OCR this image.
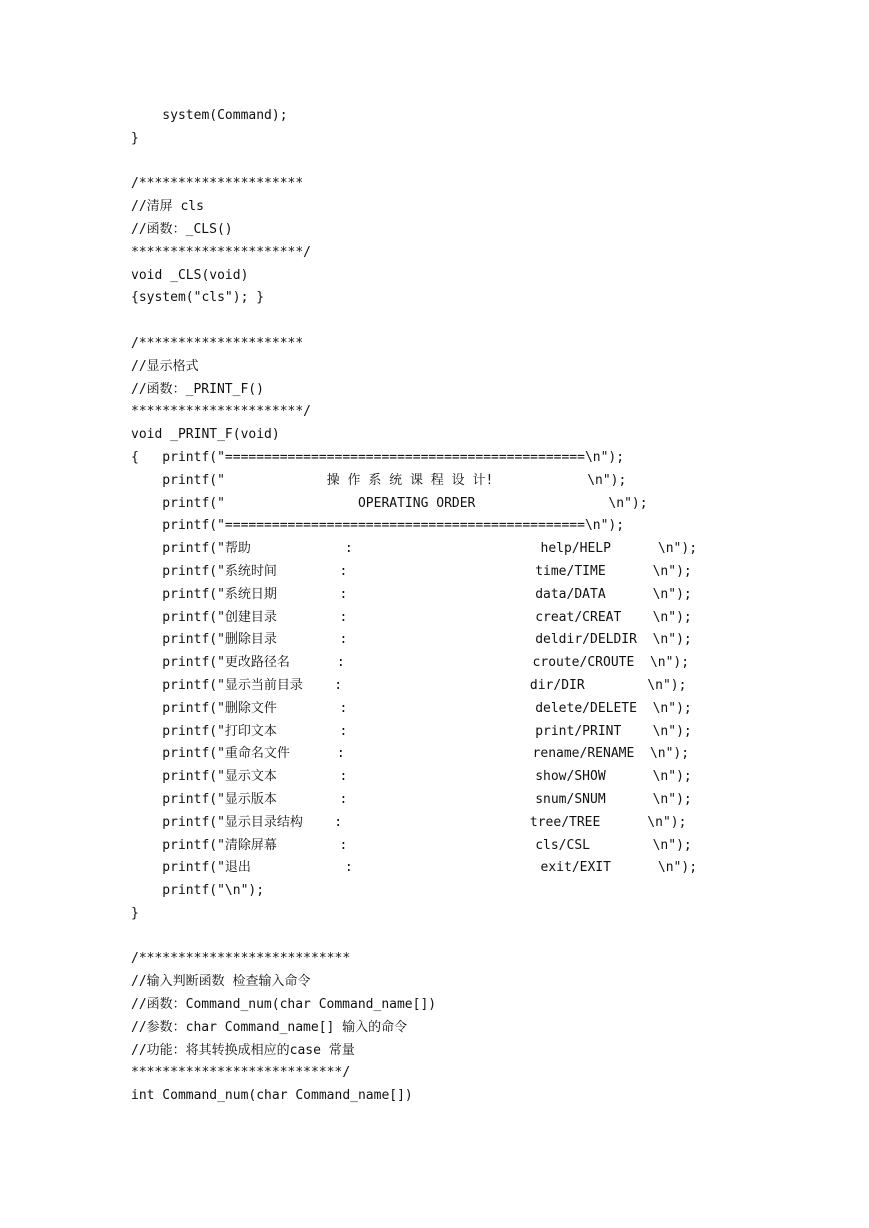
system(Command);
}

/*********************
//清屏 cls
//函数：_CLS()
**********************/
void _CLS(void)
{system("cls"); }

/*********************
//显示格式
//函数：_PRINT_F()
**********************/
void _PRINT_F(void)
{   printf("==============================================\n");
printf("             操 作 系 统 课 程 设 计!            \n");
printf("                 OPERATING ORDER                 \n");
printf("==============================================\n");
printf("帮助            :                        help/HELP      \n");
printf("系统时间        :                        time/TIME      \n");
printf("系统日期        :                        data/DATA      \n");
printf("创建目录        :                        creat/CREAT    \n");
printf("删除目录        :                        deldir/DELDIR  \n");
printf("更改路径名      :                        croute/CROUTE  \n");
printf("显示当前目录    :                        dir/DIR        \n");
printf("删除文件        :                        delete/DELETE  \n");
printf("打印文本        :                        print/PRINT    \n");
printf("重命名文件      :                        rename/RENAME  \n");
printf("显示文本        :                        show/SHOW      \n");
printf("显示版本        :                        snum/SNUM      \n");
printf("显示目录结构    :                        tree/TREE      \n");
printf("清除屏幕        :                        cls/CSL        \n");
printf("退出            :                        exit/EXIT      \n");
printf("\n");
}

/***************************
//输入判断函数 检查输入命令
//函数：Command_num(char Command_name[])
//参数：char Command_name[] 输入的命令
//功能：将其转换成相应的case 常量
***************************/
int Command_num(char Command_name[])
